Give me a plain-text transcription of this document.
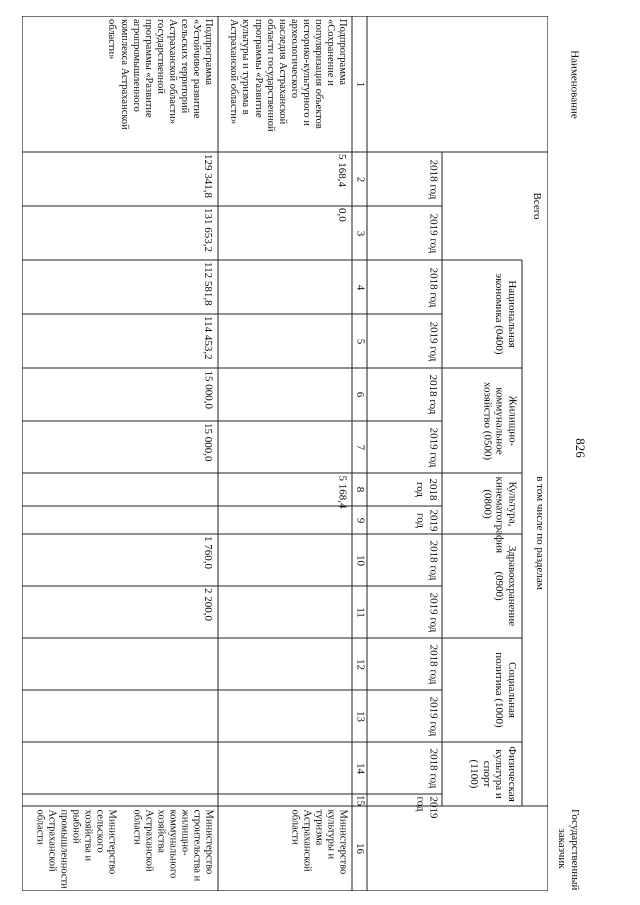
826
Наименование
Всего
в том числе по разделам
Национальная
экономика (0400)
Жилищно-
коммунальное
хозяйство (0500)
Культура,
кинематография
(0800)
Здравоохранение
(0900)
Социальная
политика (1000)
Физическая
культура и спорт
(1100)
Государственный
заказчик
2018 год
2019 год
2018 год
2019 год
2018 год
2019 год
2018 год
2019 год
2018 год
2019 год
2018 год
2019 год
2018 год
2019 год
1
2
3
4
5
6
7
8
9
10
11
12
13
14
15
16
Подпрограмма
«Сохранение и
популяризация объектов
историко-культурного и
археологического
наследия Астраханской
области государственной
программы «Развитие
культуры и туризма в
Астраханской области»
5 168,4
0,0
5 168,4
Министерство
культуры и
туризма
Астраханской
области
Подпрограмма
«Устойчивое развитие
сельских территорий
Астраханской области»
государственной
программы «Развитие
агропромышленного
комплекса Астраханской
области»
129 341,8
131 653,2
112 581,8
114 453,2
15 000,0
15 000,0
1 760,0
2 200,0
Министерство
строительства и
жилищно-
коммунального
хозяйства
Астраханской
области

Министерство
сельского
хозяйства и
рыбной
промышленности
Астраханской
области
